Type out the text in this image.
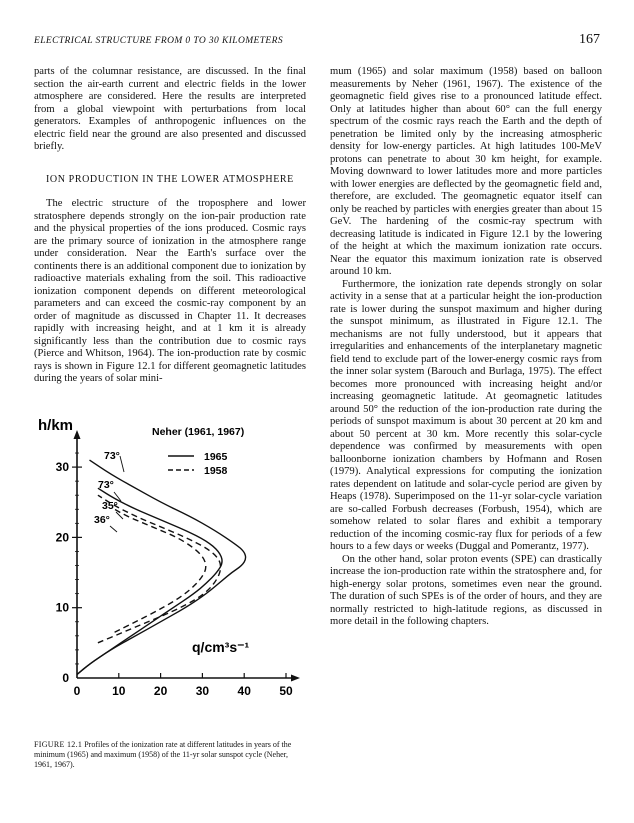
ELECTRICAL STRUCTURE FROM 0 TO 30 KILOMETERS	167

parts of the columnar resistance, are discussed. In the final section the air-earth current and electric fields in the lower atmosphere are considered. Here the results are interpreted from a global viewpoint with perturbations from local generators. Examples of anthropogenic influences on the electric field near the ground are also presented and discussed briefly.

ION PRODUCTION IN THE LOWER ATMOSPHERE

The electric structure of the troposphere and lower stratosphere depends strongly on the ion-pair production rate and the physical properties of the ions produced. Cosmic rays are the primary source of ionization in the atmosphere range under consideration. Near the Earth's surface over the continents there is an additional component due to ionization by radioactive materials exhaling from the soil. This radioactive ionization component depends on different meteorological parameters and can exceed the cosmic-ray component by an order of magnitude as discussed in Chapter 11. It decreases rapidly with increasing height, and at 1 km it is already significantly less than the contribution due to cosmic rays (Pierce and Whitson, 1964). The ion-production rate by cosmic rays is shown in Figure 12.1 for different geomagnetic latitudes during the years of solar mini-

mum (1965) and solar maximum (1958) based on balloon measurements by Neher (1961, 1967). The existence of the geomagnetic field gives rise to a pronounced latitude effect. Only at latitudes higher than about 60° can the full energy spectrum of the cosmic rays reach the Earth and the depth of penetration be limited only by the increasing atmospheric density for low-energy particles. At high latitudes 100-MeV protons can penetrate to about 30 km height, for example. Moving downward to lower latitudes more and more particles with lower energies are deflected by the geomagnetic field and, therefore, are excluded. The geomagnetic equator itself can only be reached by particles with energies greater than about 15 GeV. The hardening of the cosmic-ray spectrum with decreasing latitude is indicated in Figure 12.1 by the lowering of the height at which the maximum ionization rate occurs. Near the equator this maximum ionization rate is observed around 10 km.

Furthermore, the ionization rate depends strongly on solar activity in a sense that at a particular height the ion-production rate is lower during the sunspot maximum and higher during the sunspot minimum, as illustrated in Figure 12.1. The mechanisms are not fully understood, but it appears that irregularities and enhancements of the interplanetary magnetic field tend to exclude part of the lower-energy cosmic rays from the inner solar system (Barouch and Burlaga, 1975). The effect becomes more pronounced with increasing height and/or increasing geomagnetic latitude. At geomagnetic latitudes around 50° the reduction of the ion-production rate during the periods of sunspot maximum is about 30 percent at 20 km and about 50 percent at 30 km. More recently this solar-cycle dependence was confirmed by measurements with open balloonborne ionization chambers by Hofmann and Rosen (1979). Analytical expressions for computing the ionization rates dependent on latitude and solar-cycle period are given by Heaps (1978). Superimposed on the 11-yr solar-cycle variation are so-called Forbush decreases (Forbush, 1954), which are somehow related to solar flares and exhibit a temporary reduction of the incoming cosmic-ray flux for periods of a few hours to a few days or weeks (Duggal and Pomerantz, 1977).

On the other hand, solar proton events (SPE) can drastically increase the ion-production rate within the stratosphere and, for high-energy solar protons, sometimes even near the ground. The duration of such SPEs is of the order of hours, and they are normally restricted to high-latitude regions, as discussed in more detail in the following chapters.

0	10 20 30 40 50
0
10
20
30
h/km
q/cm³s⁻¹
Neher (1961, 1967)
1965
1958
73°
73°
35°
36°
FIGURE 12.1 Profiles of the ionization rate at different latitudes in years of the minimum (1965) and maximum (1958) of the 11-yr solar sunspot cycle (Neher, 1961, 1967).
